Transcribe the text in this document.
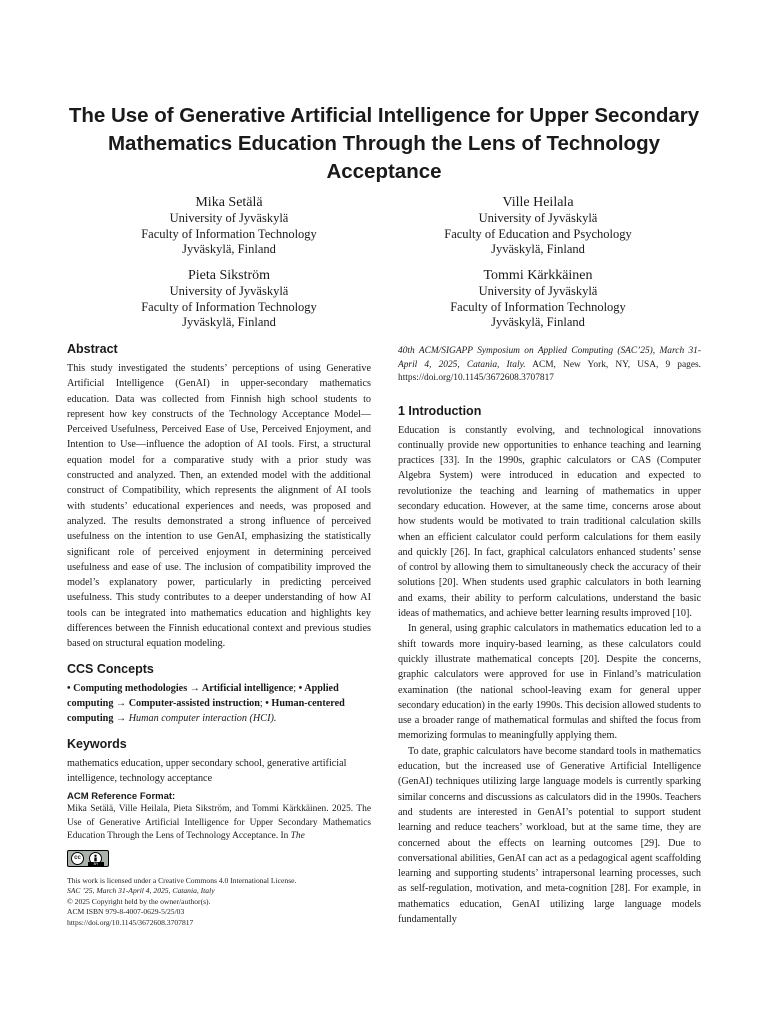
The Use of Generative Artificial Intelligence for Upper Secondary Mathematics Education Through the Lens of Technology Acceptance
Mika Setälä
University of Jyväskylä
Faculty of Information Technology
Jyväskylä, Finland
Ville Heilala
University of Jyväskylä
Faculty of Education and Psychology
Jyväskylä, Finland
Pieta Sikström
University of Jyväskylä
Faculty of Information Technology
Jyväskylä, Finland
Tommi Kärkkäinen
University of Jyväskylä
Faculty of Information Technology
Jyväskylä, Finland
Abstract

This study investigated the students’ perceptions of using Generative Artificial Intelligence (GenAI) in upper-secondary mathematics education. Data was collected from Finnish high school students to represent how key constructs of the Technology Acceptance Model—Perceived Usefulness, Perceived Ease of Use, Perceived Enjoyment, and Intention to Use—influence the adoption of AI tools. First, a structural equation model for a comparative study with a prior study was constructed and analyzed. Then, an extended model with the additional construct of Compatibility, which represents the alignment of AI tools with students’ educational experiences and needs, was proposed and analyzed. The results demonstrated a strong influence of perceived usefulness on the intention to use GenAI, emphasizing the statistically significant role of perceived enjoyment in determining perceived usefulness and ease of use. The inclusion of compatibility improved the model’s explanatory power, particularly in predicting perceived usefulness. This study contributes to a deeper understanding of how AI tools can be integrated into mathematics education and highlights key differences between the Finnish educational context and previous studies based on structural equation modeling.

CCS Concepts

• Computing methodologies → Artificial intelligence; • Applied computing → Computer-assisted instruction; • Human-centered computing → Human computer interaction (HCI).

Keywords

mathematics education, upper secondary school, generative artificial intelligence, technology acceptance

ACM Reference Format:

Mika Setälä, Ville Heilala, Pieta Sikström, and Tommi Kärkkäinen. 2025. The Use of Generative Artificial Intelligence for Upper Secondary Mathematics Education Through the Lens of Technology Acceptance. In The

cc
BY

This work is licensed under a Creative Commons 4.0 International License.

SAC ’25, March 31-April 4, 2025, Catania, Italy

© 2025 Copyright held by the owner/author(s).

ACM ISBN 979-8-4007-0629-5/25/03

https://doi.org/10.1145/3672608.3707817

40th ACM/SIGAPP Symposium on Applied Computing (SAC’25), March 31-April 4, 2025, Catania, Italy. ACM, New York, NY, USA, 9 pages. https://doi.org/10.1145/3672608.3707817

1 Introduction

Education is constantly evolving, and technological innovations continually provide new opportunities to enhance teaching and learning practices [33]. In the 1990s, graphic calculators or CAS (Computer Algebra System) were introduced in education and expected to revolutionize the teaching and learning of mathematics in upper secondary education. However, at the same time, concerns arose about how students would be motivated to train traditional calculation skills when an efficient calculator could perform calculations for them easily and quickly [26]. In fact, graphical calculators enhanced students’ sense of control by allowing them to simultaneously check the accuracy of their solutions [20]. When students used graphic calculators in both learning and exams, their ability to perform calculations, understand the basic ideas of mathematics, and achieve better learning results improved [10].

In general, using graphic calculators in mathematics education led to a shift towards more inquiry-based learning, as these calculators could quickly illustrate mathematical concepts [20]. Despite the concerns, graphic calculators were approved for use in Finland’s matriculation examination (the national school-leaving exam for general upper secondary education) in the early 1990s. This decision allowed students to use a broader range of mathematical formulas and shifted the focus from memorizing formulas to meaningfully applying them.

To date, graphic calculators have become standard tools in mathematics education, but the increased use of Generative Artificial Intelligence (GenAI) techniques utilizing large language models is currently sparking similar concerns and discussions as calculators did in the 1990s. Teachers and students are interested in GenAI’s potential to support student learning and reduce teachers’ workload, but at the same time, they are concerned about the effects on learning outcomes [29]. Due to conversational abilities, GenAI can act as a pedagogical agent scaffolding learning and supporting students’ intrapersonal learning processes, such as self-regulation, motivation, and meta-cognition [28]. For example, in mathematics education, GenAI utilizing large language models fundamentally
